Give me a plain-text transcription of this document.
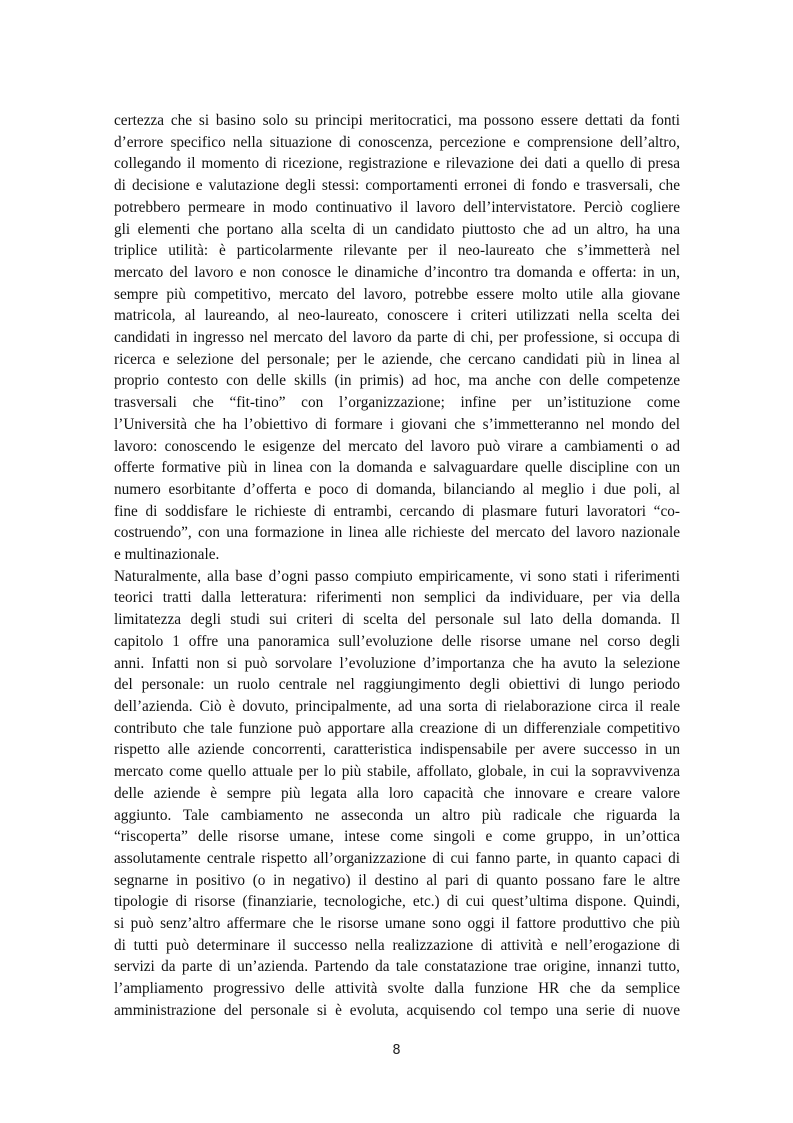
certezza che si basino solo su principi meritocratici, ma possono essere dettati da fonti

d’errore specifico nella situazione di conoscenza, percezione e comprensione dell’altro,

collegando il momento di ricezione, registrazione e rilevazione dei dati a quello di presa

di decisione e valutazione degli stessi: comportamenti erronei di fondo e trasversali, che

potrebbero permeare in modo continuativo il lavoro dell’intervistatore. Perciò cogliere

gli elementi che portano alla scelta di un candidato piuttosto che ad un altro, ha una

triplice utilità: è particolarmente rilevante per il neo-laureato che s’immetterà nel

mercato del lavoro e non conosce le dinamiche d’incontro tra domanda e offerta: in un,

sempre più competitivo, mercato del lavoro, potrebbe essere molto utile alla giovane

matricola, al laureando, al neo-laureato, conoscere i criteri utilizzati nella scelta dei

candidati in ingresso nel mercato del lavoro da parte di chi, per professione, si occupa di

ricerca e selezione del personale; per le aziende, che cercano candidati più in linea al

proprio contesto con delle skills (in primis) ad hoc, ma anche con delle competenze

trasversali che “fit-tino” con l’organizzazione; infine per un’istituzione come

l’Università che ha l’obiettivo di formare i giovani che s’immetteranno nel mondo del

lavoro: conoscendo le esigenze del mercato del lavoro può virare a cambiamenti o ad

offerte formative più in linea con la domanda e salvaguardare quelle discipline con un

numero esorbitante d’offerta e poco di domanda, bilanciando al meglio i due poli, al

fine di soddisfare le richieste di entrambi, cercando di plasmare futuri lavoratori “co-

costruendo”, con una formazione in linea alle richieste del mercato del lavoro nazionale

e multinazionale.

Naturalmente, alla base d’ogni passo compiuto empiricamente, vi sono stati i riferimenti

teorici tratti dalla letteratura: riferimenti non semplici da individuare, per via della

limitatezza degli studi sui criteri di scelta del personale sul lato della domanda. Il

capitolo 1 offre una panoramica sull’evoluzione delle risorse umane nel corso degli

anni. Infatti non si può sorvolare l’evoluzione d’importanza che ha avuto la selezione

del personale: un ruolo centrale nel raggiungimento degli obiettivi di lungo periodo

dell’azienda. Ciò è dovuto, principalmente, ad una sorta di rielaborazione circa il reale

contributo che tale funzione può apportare alla creazione di un differenziale competitivo

rispetto alle aziende concorrenti, caratteristica indispensabile per avere successo in un

mercato come quello attuale per lo più stabile, affollato, globale, in cui la sopravvivenza

delle aziende è sempre più legata alla loro capacità che innovare e creare valore

aggiunto. Tale cambiamento ne asseconda un altro più radicale che riguarda la

“riscoperta” delle risorse umane, intese come singoli e come gruppo, in un’ottica

assolutamente centrale rispetto all’organizzazione di cui fanno parte, in quanto capaci di

segnarne in positivo (o in negativo) il destino al pari di quanto possano fare le altre

tipologie di risorse (finanziarie, tecnologiche, etc.) di cui quest’ultima dispone. Quindi,

si può senz’altro affermare che le risorse umane sono oggi il fattore produttivo che più

di tutti può determinare il successo nella realizzazione di attività e nell’erogazione di

servizi da parte di un’azienda. Partendo da tale constatazione trae origine, innanzi tutto,

l’ampliamento progressivo delle attività svolte dalla funzione HR che da semplice

amministrazione del personale si è evoluta, acquisendo col tempo una serie di nuove

8
